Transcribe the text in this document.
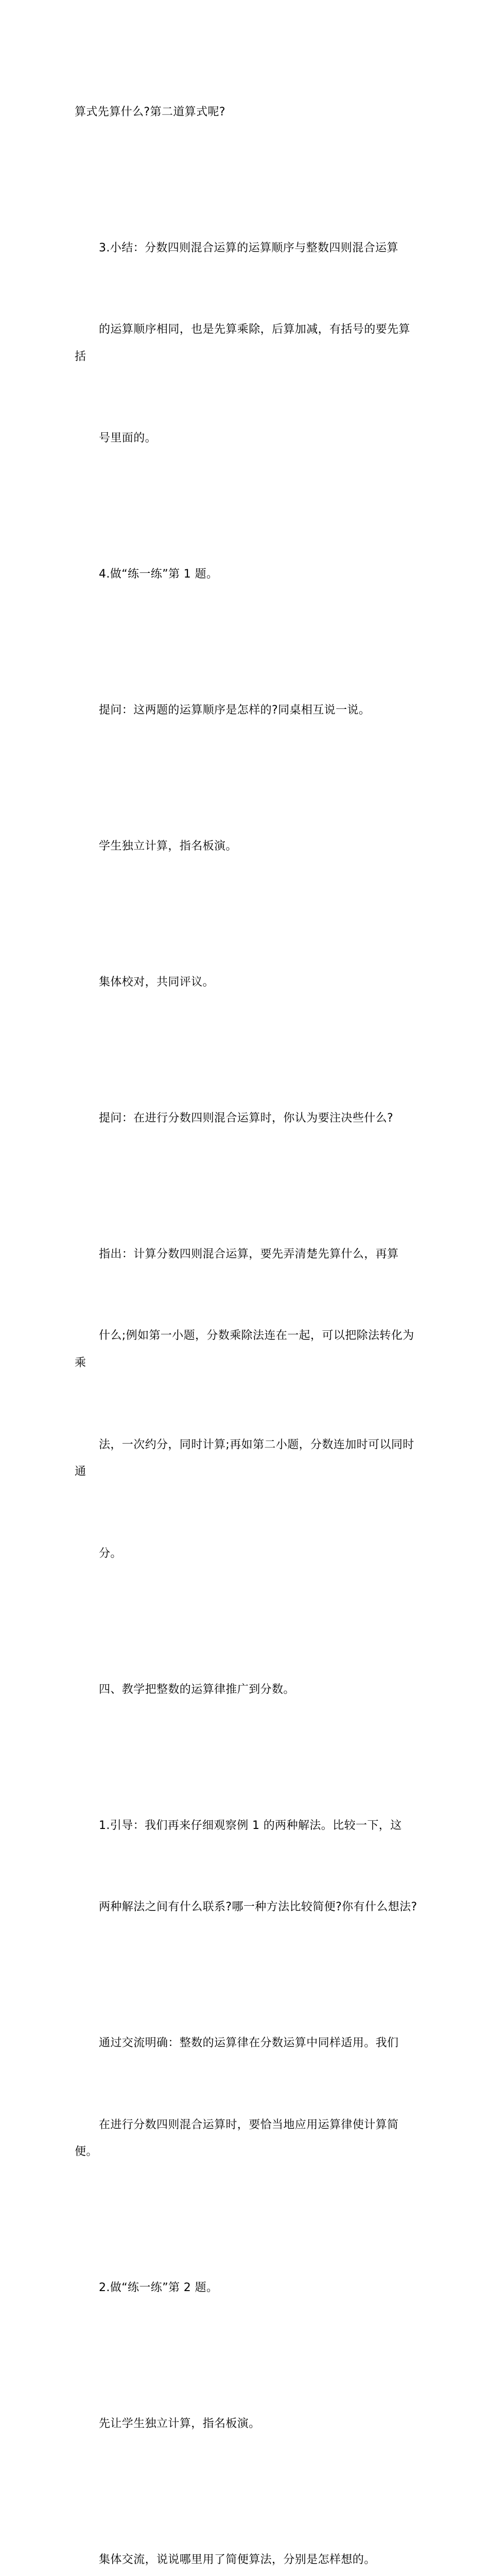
算式先算什么?第二道算式呢?

3.小结：分数四则混合运算的运算顺序与整数四则混合运算

的运算顺序相同，也是先算乘除，后算加减，有括号的要先算括

号里面的。

4.做“练一练”第 1 题。

提问：这两题的运算顺序是怎样的?同桌相互说一说。

学生独立计算，指名板演。

集体校对，共同评议。

提问：在进行分数四则混合运算时，你认为要注决些什么?

指出：计算分数四则混合运算，要先弄清楚先算什么，再算

什么;例如第一小题，分数乘除法连在一起，可以把除法转化为乘

法，一次约分，同时计算;再如第二小题，分数连加时可以同时通

分。

四、教学把整数的运算律推广到分数。

1.引导：我们再来仔细观察例 1 的两种解法。比较一下，这

两种解法之间有什么联系?哪一种方法比较简便?你有什么想法?

通过交流明确：整数的运算律在分数运算中同样适用。我们

在进行分数四则混合运算时，要恰当地应用运算律使计算简便。

2.做“练一练”第 2 题。

先让学生独立计算，指名板演。

集体交流，说说哪里用了简便算法，分别是怎样想的。
